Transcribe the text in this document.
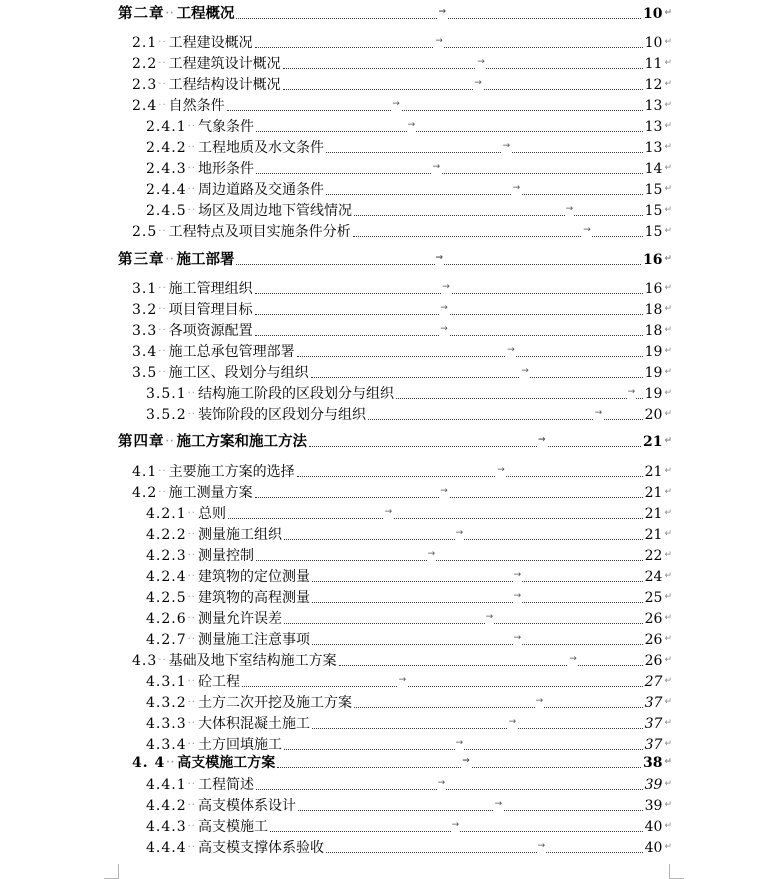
第二章 ·· 工程概况	→	10 ↵
2.1 ·· 工程建设概况	→	10 ↵
2.2 ·· 工程建筑设计概况	→	11 ↵
2.3 ·· 工程结构设计概况	→	12 ↵
2.4 ·· 自然条件	→	13 ↵
2.4.1 ·· 气象条件	→	13 ↵
2.4.2 ·· 工程地质及水文条件	→	13 ↵
2.4.3 ·· 地形条件	→	14 ↵
2.4.4 ·· 周边道路及交通条件	→	15 ↵
2.4.5 ·· 场区及周边地下管线情况	→	15 ↵
2.5 ·· 工程特点及项目实施条件分析	→	15 ↵
第三章 ·· 施工部署	→	16 ↵
3.1 ·· 施工管理组织	→	16 ↵
3.2 ·· 项目管理目标	→	18 ↵
3.3 ·· 各项资源配置	→	18 ↵
3.4 ·· 施工总承包管理部署	→	19 ↵
3.5 ·· 施工区、段划分与组织	→	19 ↵
3.5.1 ·· 结构施工阶段的区段划分与组织	→ 19 ↵
3.5.2 ·· 装饰阶段的区段划分与组织	→	20 ↵
第四章 ·· 施工方案和施工方法	→	21 ↵
4.1 ·· 主要施工方案的选择	→	21 ↵
4.2 ·· 施工测量方案	→	21 ↵
4.2.1 ·· 总则	→	21 ↵
4.2.2 ·· 测量施工组织	→	21 ↵
4.2.3 ·· 测量控制	→	22 ↵
4.2.4 ·· 建筑物的定位测量	→	24 ↵
4.2.5 ·· 建筑物的高程测量	→	25 ↵
4.2.6 ·· 测量允许误差	→	26 ↵
4.2.7 ·· 测量施工注意事项	→	26 ↵
4.3 ·· 基础及地下室结构施工方案	→	26 ↵
4.3.1 ·· 砼工程	→	27 ↵
4.3.2 ·· 土方二次开挖及施工方案	→	37 ↵
4.3.3 ·· 大体积混凝土施工	→	37 ↵
4.3.4 ·· 土方回填施工	→	37 ↵
4. 4 ·· 高支模施工方案	→	38 ↵
4.4.1 ·· 工程简述	→	39 ↵
4.4.2 ·· 高支模体系设计	→	39 ↵
4.4.3 ·· 高支模施工	→	40 ↵
4.4.4 ·· 高支模支撑体系验收	→	40 ↵
